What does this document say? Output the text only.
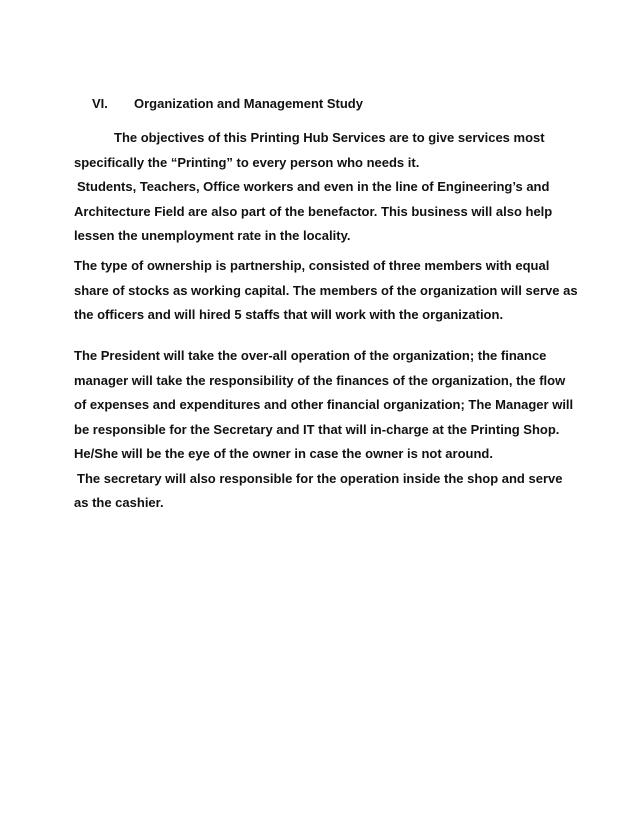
VI. Organization and Management Study
The objectives of this Printing Hub Services are to give services most
specifically the “Printing” to every person who needs it.
Students, Teachers, Office workers and even in the line of Engineering’s and
Architecture Field are also part of the benefactor. This business will also help
lessen the unemployment rate in the locality.
The type of ownership is partnership, consisted of three members with equal
share of stocks as working capital. The members of the organization will serve as
the officers and will hired 5 staffs that will work with the organization.
The President will take the over-all operation of the organization; the finance
manager will take the responsibility of the finances of the organization, the flow
of expenses and expenditures and other financial organization; The Manager will
be responsible for the Secretary and IT that will in-charge at the Printing Shop.
He/She will be the eye of the owner in case the owner is not around.
The secretary will also responsible for the operation inside the shop and serve
as the cashier.
